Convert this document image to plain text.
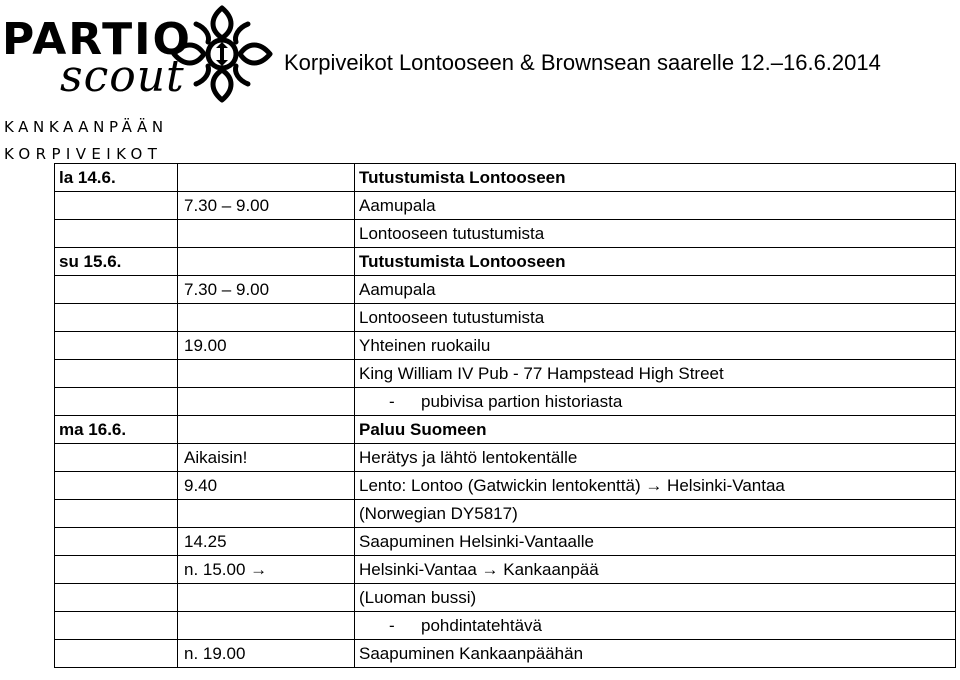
PARTIO
scout
KANKAANPÄÄN
KORPIVEIKOT
Korpiveikot Lontooseen & Brownsean saarelle 12.–16.6.2014
la 14.6.		Tutustumista Lontooseen
	7.30 – 9.00	Aamupala
		Lontooseen tutustumista
su 15.6.		Tutustumista Lontooseen
	7.30 – 9.00	Aamupala
		Lontooseen tutustumista
	19.00	Yhteinen ruokailu
		King William IV Pub - 77 Hampstead High Street
		- pubivisa partion historiasta
ma 16.6.		Paluu Suomeen
	Aikaisin!	Herätys ja lähtö lentokentälle
	9.40	Lento: Lontoo (Gatwickin lentokenttä) → Helsinki-Vantaa
		(Norwegian DY5817)
	14.25	Saapuminen Helsinki-Vantaalle
	n. 15.00 →	Helsinki-Vantaa → Kankaanpää
		(Luoman bussi)
		- pohdintatehtävä
	n. 19.00	Saapuminen Kankaanpäähän
